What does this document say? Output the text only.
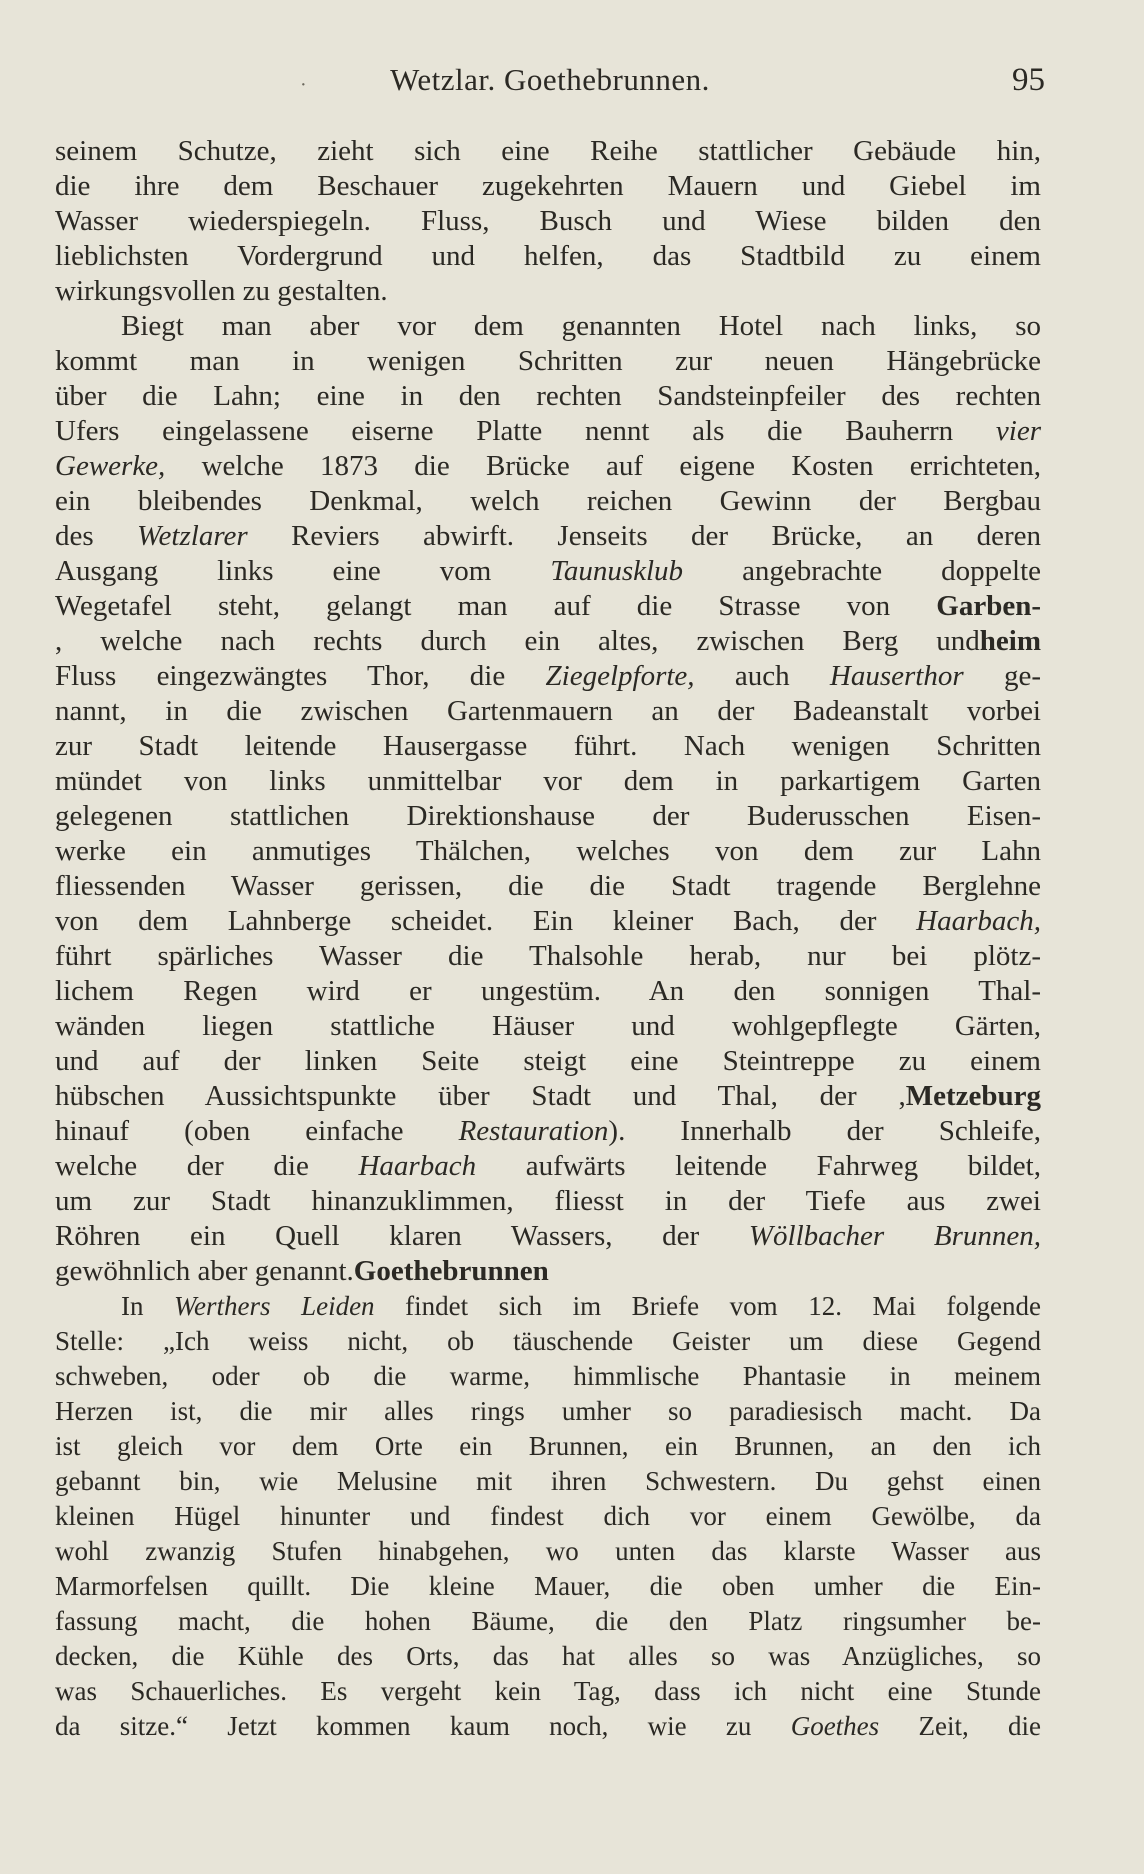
·	Wetzlar. Goethebrunnen.	95
seinem Schutze, zieht sich eine Reihe stattlicher Gebäude hin,
die ihre dem Beschauer zugekehrten Mauern und Giebel im
Wasser wiederspiegeln. Fluss, Busch und Wiese bilden den
lieblichsten Vordergrund und helfen, das Stadtbild zu einem
wirkungsvollen zu gestalten.
Biegt man aber vor dem genannten Hotel nach links, so
kommt man in wenigen Schritten zur neuen Hängebrücke
über die Lahn; eine in den rechten Sandsteinpfeiler des rechten
Ufers eingelassene eiserne Platte nennt als die Bauherrn vier
Gewerke, welche 1873 die Brücke auf eigene Kosten errichteten,
ein bleibendes Denkmal, welch reichen Gewinn der Bergbau
des Wetzlarer Reviers abwirft. Jenseits der Brücke, an deren
Ausgang links eine vom Taunusklub angebrachte doppelte
Wegetafel steht, gelangt man auf die Strasse von Garben-
, welche nach rechts durch ein altes, zwischen Berg undheim
Fluss eingezwängtes Thor, die Ziegelpforte, auch Hauserthor ge-
nannt, in die zwischen Gartenmauern an der Badeanstalt vorbei
zur Stadt leitende Hausergasse führt. Nach wenigen Schritten
mündet von links unmittelbar vor dem in parkartigem Garten
gelegenen stattlichen Direktionshause der Buderusschen Eisen-
werke ein anmutiges Thälchen, welches von dem zur Lahn
fliessenden Wasser gerissen, die die Stadt tragende Berglehne
von dem Lahnberge scheidet. Ein kleiner Bach, der Haarbach,
führt spärliches Wasser die Thalsohle herab, nur bei plötz-
lichem Regen wird er ungestüm. An den sonnigen Thal-
wänden liegen stattliche Häuser und wohlgepflegte Gärten,
und auf der linken Seite steigt eine Steintreppe zu einem
hübschen Aussichtspunkte über Stadt und Thal, der ,Metzeburg
hinauf (oben einfache Restauration). Innerhalb der Schleife,
welche der die Haarbach aufwärts leitende Fahrweg bildet,
um zur Stadt hinanzuklimmen, fliesst in der Tiefe aus zwei
Röhren ein Quell klaren Wassers, der Wöllbacher Brunnen,
gewöhnlich aber genannt.Goethebrunnen
In Werthers Leiden findet sich im Briefe vom 12. Mai folgende
Stelle: „Ich weiss nicht, ob täuschende Geister um diese Gegend
schweben, oder ob die warme, himmlische Phantasie in meinem
Herzen ist, die mir alles rings umher so paradiesisch macht. Da
ist gleich vor dem Orte ein Brunnen, ein Brunnen, an den ich
gebannt bin, wie Melusine mit ihren Schwestern. Du gehst einen
kleinen Hügel hinunter und findest dich vor einem Gewölbe, da
wohl zwanzig Stufen hinabgehen, wo unten das klarste Wasser aus
Marmorfelsen quillt. Die kleine Mauer, die oben umher die Ein-
fassung macht, die hohen Bäume, die den Platz ringsumher be-
decken, die Kühle des Orts, das hat alles so was Anzügliches, so
was Schauerliches. Es vergeht kein Tag, dass ich nicht eine Stunde
da sitze.“ Jetzt kommen kaum noch, wie zu Goethes Zeit, die
